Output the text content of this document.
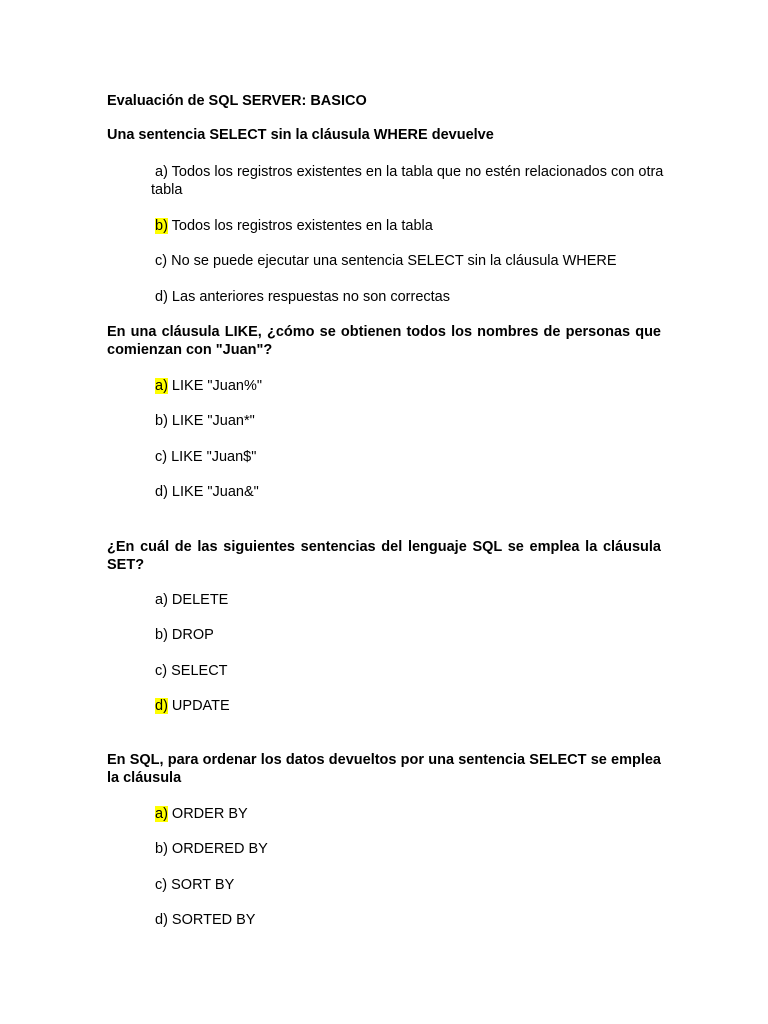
Evaluación de SQL SERVER: BASICO
Una sentencia SELECT sin la cláusula WHERE devuelve
a) Todos los registros existentes en la tabla que no estén relacionados con otra tabla
b) Todos los registros existentes en la tabla
c) No se puede ejecutar una sentencia SELECT sin la cláusula WHERE
d) Las anteriores respuestas no son correctas
En una cláusula LIKE, ¿cómo se obtienen todos los nombres de personas que comienzan con "Juan"?
a) LIKE "Juan%"
b) LIKE "Juan*"
c) LIKE "Juan$"
d) LIKE "Juan&"
¿En cuál de las siguientes sentencias del lenguaje SQL se emplea la cláusula SET?
a) DELETE
b) DROP
c) SELECT
d) UPDATE
En SQL, para ordenar los datos devueltos por una sentencia SELECT se emplea la cláusula
a) ORDER BY
b) ORDERED BY
c) SORT BY
d) SORTED BY
